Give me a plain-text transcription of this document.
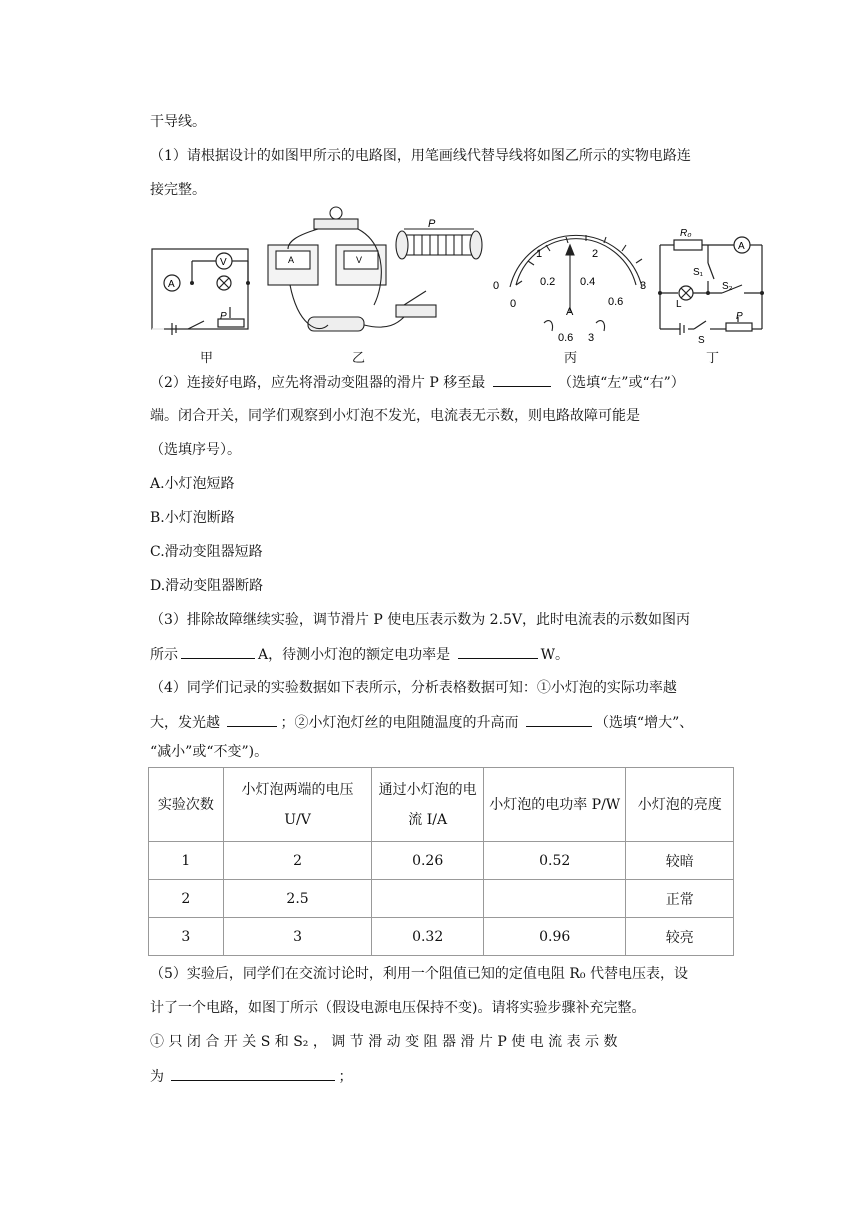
干导线。
（1）请根据设计的如图甲所示的电路图，用笔画线代替导线将如图乙所示的实物电路连
接完整。
A
V
P
A	V
P
0
1	2
3
0
0.2 0.4
0.6
A
0.6 3
R₀
A
S₁
S₂
L
S
P
甲	乙	丙	丁
（2）连接好电路，应先将滑动变阻器的滑片 P 移至最	（选填“左”或“右”）
端。闭合开关，同学们观察到小灯泡不发光，电流表无示数，则电路故障可能是
（选填序号）。
A.小灯泡短路
B.小灯泡断路
C.滑动变阻器短路
D.滑动变阻器断路
（3）排除故障继续实验，调节滑片 P 使电压表示数为 2.5V，此时电流表的示数如图丙
所示	A，待测小灯泡的额定电功率是	W。
（4）同学们记录的实验数据如下表所示，分析表格数据可知：①小灯泡的实际功率越
大，发光越	；②小灯泡灯丝的电阻随温度的升高而	（选填“增大”、
“减小”或“不变”)。
实验次数	小灯泡两端的电压 U/V	通过小灯泡的电流 I/A	小灯泡的电功率 P/W	小灯泡的亮度
1	2	0.26	0.52	较暗
2	2.5			正常
3	3	0.32	0.96	较亮
（5）实验后，同学们在交流讨论时，利用一个阻值已知的定值电阻 R₀ 代替电压表，设
计了一个电路，如图丁所示（假设电源电压保持不变)。请将实验步骤补充完整。
① 只 闭 合 开 关 S 和 S₂ ， 调 节 滑 动 变 阻 器 滑 片 P 使 电 流 表 示 数
为	；
